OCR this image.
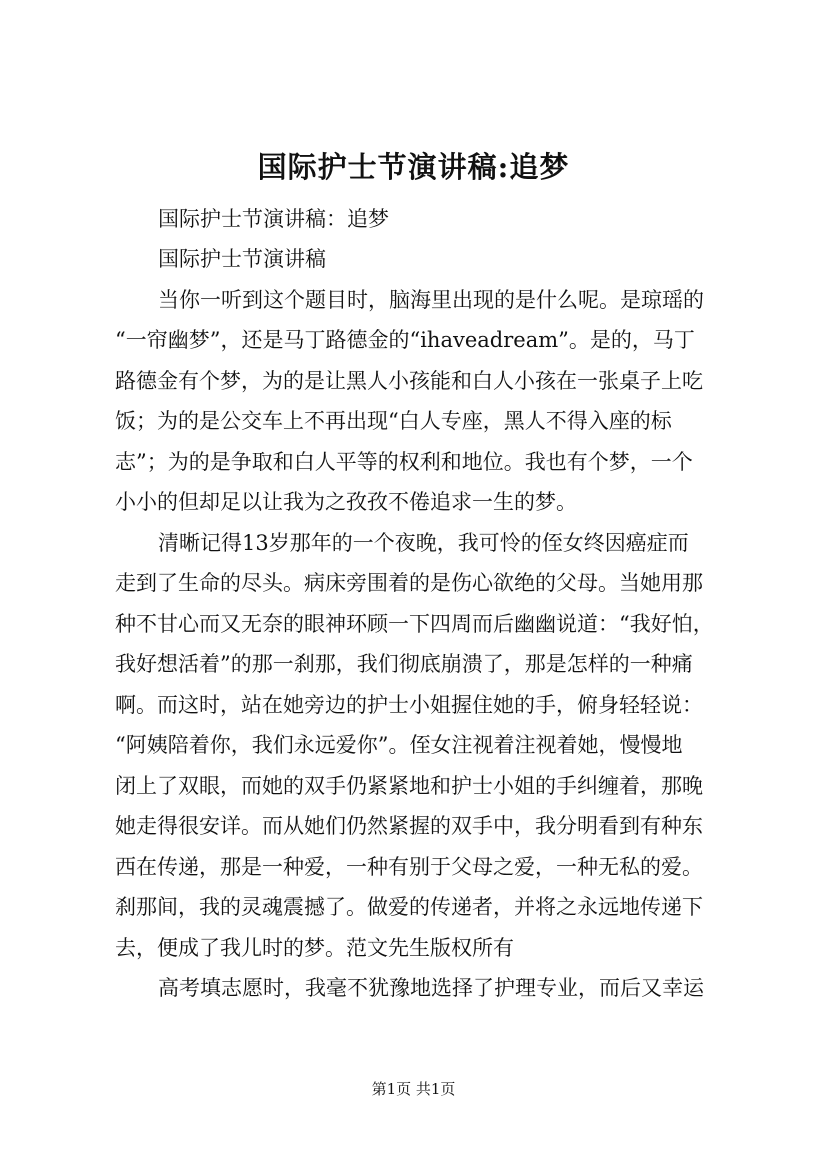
国际护士节演讲稿:追梦
国际护士节演讲稿：追梦
国际护士节演讲稿
当你一听到这个题目时，脑海里出现的是什么呢。是琼瑶的
“一帘幽梦”，还是马丁路德金的“ihaveadream”。是的，马丁
路德金有个梦，为的是让黑人小孩能和白人小孩在一张桌子上吃
饭；为的是公交车上不再出现“白人专座，黑人不得入座的标
志”；为的是争取和白人平等的权利和地位。我也有个梦，一个
小小的但却足以让我为之孜孜不倦追求一生的梦。
清晰记得13岁那年的一个夜晚，我可怜的侄女终因癌症而
走到了生命的尽头。病床旁围着的是伤心欲绝的父母。当她用那
种不甘心而又无奈的眼神环顾一下四周而后幽幽说道：“我好怕，
我好想活着”的那一刹那，我们彻底崩溃了，那是怎样的一种痛
啊。而这时，站在她旁边的护士小姐握住她的手，俯身轻轻说：
“阿姨陪着你，我们永远爱你”。侄女注视着注视着她，慢慢地
闭上了双眼，而她的双手仍紧紧地和护士小姐的手纠缠着，那晚
她走得很安详。而从她们仍然紧握的双手中，我分明看到有种东
西在传递，那是一种爱，一种有别于父母之爱，一种无私的爱。
刹那间，我的灵魂震撼了。做爱的传递者，并将之永远地传递下
去，便成了我儿时的梦。范文先生版权所有
高考填志愿时，我毫不犹豫地选择了护理专业，而后又幸运
第1页 共1页
